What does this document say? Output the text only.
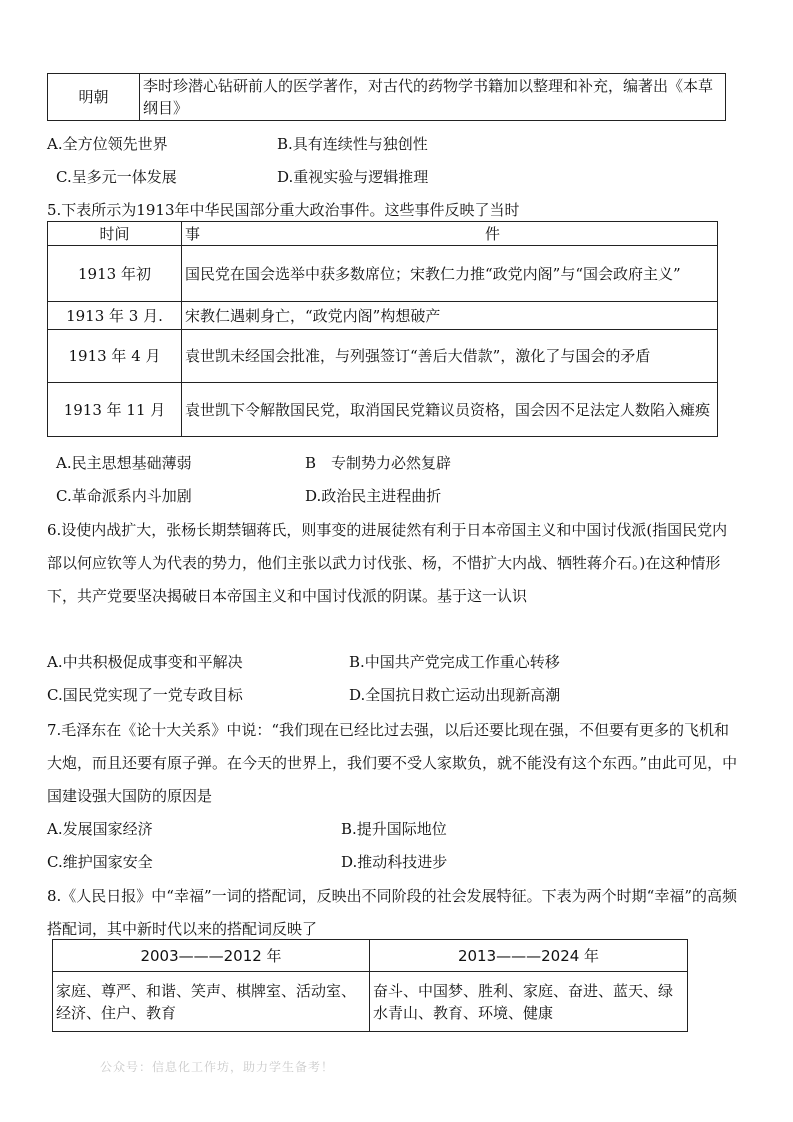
明朝	李时珍潜心钻研前人的医学著作，对古代的药物学书籍加以整理和补充，编著出《本草纲目》
A.全方位领先世界	B.具有连续性与独创性
C.呈多元一体发展	D.重视实验与逻辑推理
5.下表所示为1913年中华民国部分重大政治事件。这些事件反映了当时
时间	事　　　　　　　　　　　　　　　　　　　件
1913 年初	国民党在国会选举中获多数席位；宋教仁力推“政党内阁”与“国会政府主义”
1913 年 3 月.	宋教仁遇刺身亡，“政党内阁”构想破产
1913 年 4 月	袁世凯未经国会批准，与列强签订“善后大借款”，激化了与国会的矛盾
1913 年 11 月	袁世凯下令解散国民党，取消国民党籍议员资格，国会因不足法定人数陷入瘫痪
A.民主思想基础薄弱	B　专制势力必然复辟
C.革命派系内斗加剧	D.政治民主进程曲折
6.设使内战扩大，张杨长期禁锢蒋氏，则事变的进展徒然有利于日本帝国主义和中国讨伐派(指国民党内部以何应钦等人为代表的势力，他们主张以武力讨伐张、杨，不惜扩大内战、牺牲蒋介石。)在这种情形下，共产党要坚决揭破日本帝国主义和中国讨伐派的阴谋。基于这一认识
A.中共积极促成事变和平解决	B.中国共产党完成工作重心转移
C.国民党实现了一党专政目标	D.全国抗日救亡运动出现新高潮
7.毛泽东在《论十大关系》中说：“我们现在已经比过去强，以后还要比现在强，不但要有更多的飞机和大炮，而且还要有原子弹。在今天的世界上，我们要不受人家欺负，就不能没有这个东西。”由此可见，中国建设强大国防的原因是
A.发展国家经济	B.提升国际地位
C.维护国家安全	D.推动科技进步
8.《人民日报》中“幸福”一词的搭配词，反映出不同阶段的社会发展特征。下表为两个时期“幸福”的高频搭配词，其中新时代以来的搭配词反映了
2003———2012 年	2013———2024 年
家庭、尊严、和谐、笑声、棋牌室、活动室、经济、住户、教育	奋斗、中国梦、胜利、家庭、奋进、蓝天、绿水青山、教育、环境、健康
公众号：信息化工作坊，助力学生备考！
